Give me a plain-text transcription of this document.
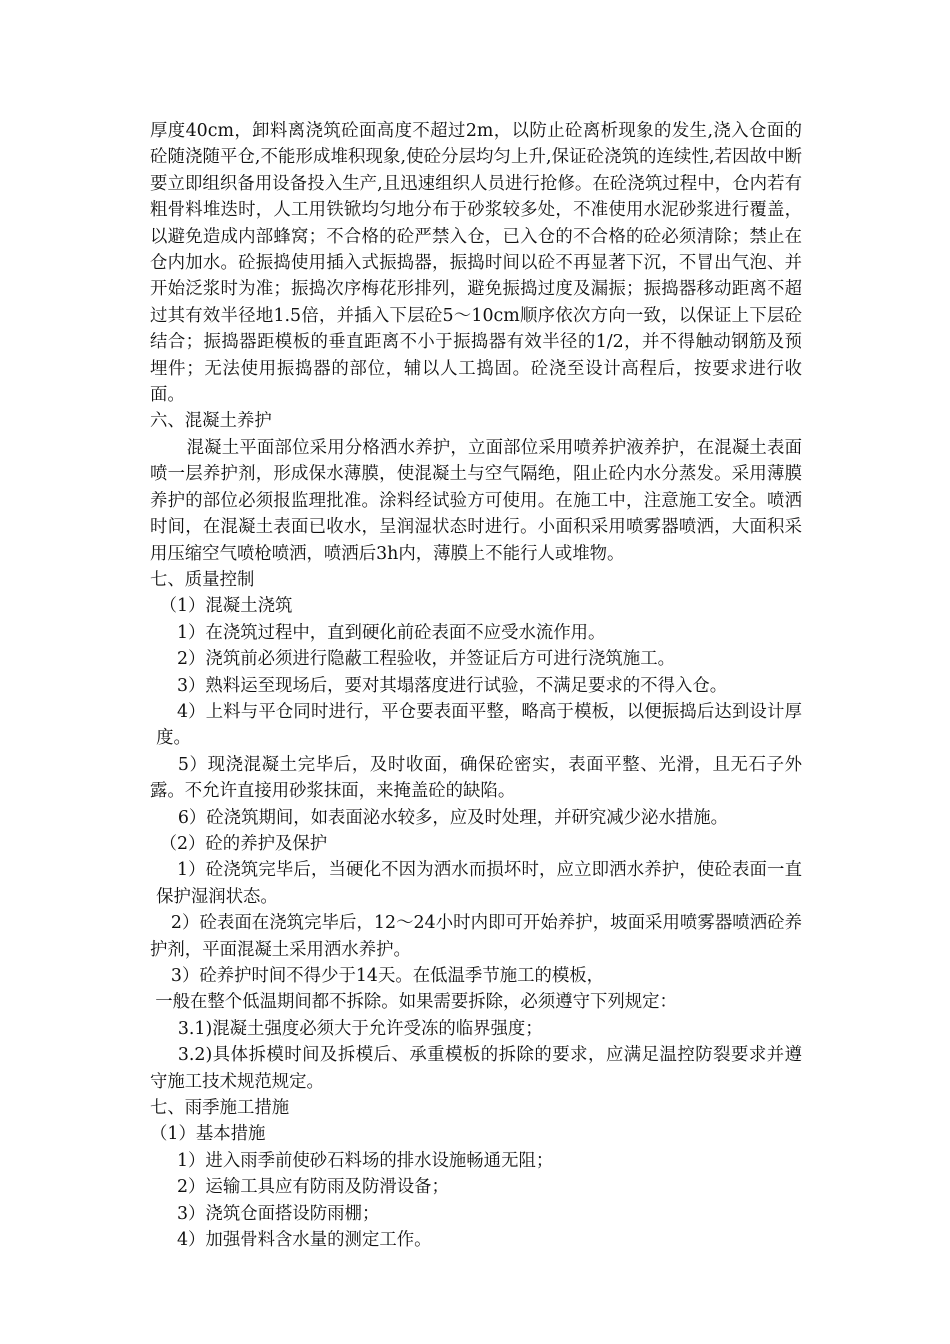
厚度40cm，卸料离浇筑砼面高度不超过2m，以防止砼离析现象的发生,浇入仓面的砼随浇随平仓,不能形成堆积现象,使砼分层均匀上升,保证砼浇筑的连续性,若因故中断要立即组织备用设备投入生产,且迅速组织人员进行抢修。在砼浇筑过程中，仓内若有粗骨料堆迭时，人工用铁锨均匀地分布于砂浆较多处，不准使用水泥砂浆进行覆盖，以避免造成内部蜂窝；不合格的砼严禁入仓，已入仓的不合格的砼必须清除；禁止在仓内加水。砼振捣使用插入式振捣器，振捣时间以砼不再显著下沉，不冒出气泡、并开始泛浆时为准；振捣次序梅花形排列，避免振捣过度及漏振；振捣器移动距离不超过其有效半径地1.5倍，并插入下层砼5～10cm顺序依次方向一致，以保证上下层砼结合；振捣器距模板的垂直距离不小于振捣器有效半径的1/2，并不得触动钢筋及预埋件；无法使用振捣器的部位，辅以人工捣固。砼浇至设计高程后，按要求进行收面。

六、混凝土养护

混凝土平面部位采用分格洒水养护，立面部位采用喷养护液养护，在混凝土表面喷一层养护剂，形成保水薄膜，使混凝土与空气隔绝，阻止砼内水分蒸发。采用薄膜养护的部位必须报监理批准。涂料经试验方可使用。在施工中，注意施工安全。喷洒时间，在混凝土表面已收水，呈润湿状态时进行。小面积采用喷雾器喷洒，大面积采用压缩空气喷枪喷洒，喷洒后3h内，薄膜上不能行人或堆物。

七、质量控制

（1）混凝土浇筑

1）在浇筑过程中，直到硬化前砼表面不应受水流作用。

2）浇筑前必须进行隐蔽工程验收，并签证后方可进行浇筑施工。

3）熟料运至现场后，要对其塌落度进行试验，不满足要求的不得入仓。

4）上料与平仓同时进行，平仓要表面平整，略高于模板，以便振捣后达到设计厚度。

5）现浇混凝土完毕后，及时收面，确保砼密实，表面平整、光滑，且无石子外露。不允许直接用砂浆抹面，来掩盖砼的缺陷。

6）砼浇筑期间，如表面泌水较多，应及时处理，并研究减少泌水措施。

（2）砼的养护及保护

1）砼浇筑完毕后，当硬化不因为洒水而损坏时，应立即洒水养护，使砼表面一直保护湿润状态。

2）砼表面在浇筑完毕后，12～24小时内即可开始养护，坡面采用喷雾器喷洒砼养护剂，平面混凝土采用洒水养护。

3）砼养护时间不得少于14天。在低温季节施工的模板，

一般在整个低温期间都不拆除。如果需要拆除，必须遵守下列规定：

3.1)混凝土强度必须大于允许受冻的临界强度；

3.2)具体拆模时间及拆模后、承重模板的拆除的要求，应满足温控防裂要求并遵守施工技术规范规定。

七、雨季施工措施

（1）基本措施

1）进入雨季前使砂石料场的排水设施畅通无阻；

2）运输工具应有防雨及防滑设备；

3）浇筑仓面搭设防雨棚；

4）加强骨料含水量的测定工作。
